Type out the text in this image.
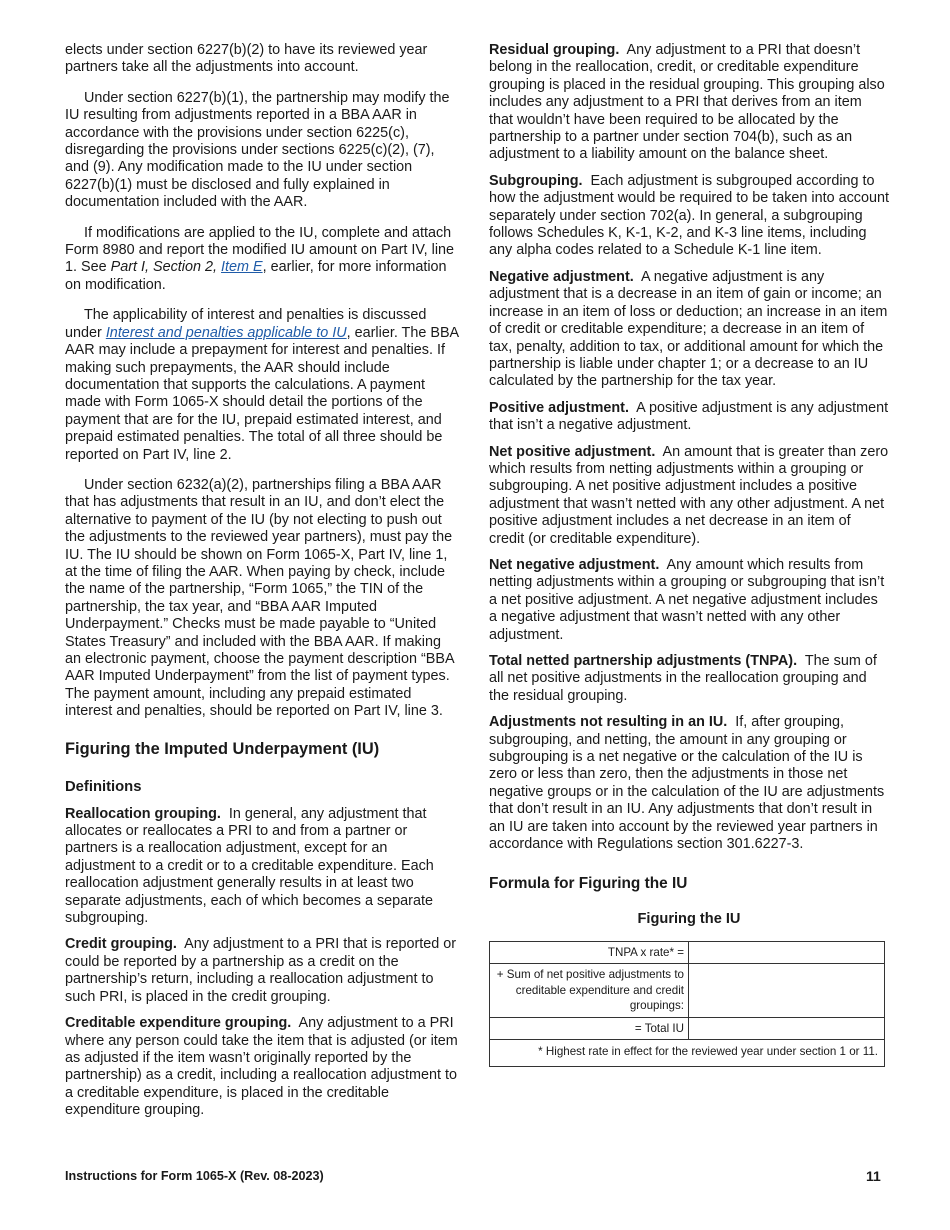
elects under section 6227(b)(2) to have its reviewed year partners take all the adjustments into account.

Under section 6227(b)(1), the partnership may modify the IU resulting from adjustments reported in a BBA AAR in accordance with the provisions under section 6225(c), disregarding the provisions under sections 6225(c)(2), (7), and (9). Any modification made to the IU under section 6227(b)(1) must be disclosed and fully explained in documentation included with the AAR.

If modifications are applied to the IU, complete and attach Form 8980 and report the modified IU amount on Part IV, line 1. See Part I, Section 2, Item E, earlier, for more information on modification.

The applicability of interest and penalties is discussed under Interest and penalties applicable to IU, earlier. The BBA AAR may include a prepayment for interest and penalties. If making such prepayments, the AAR should include documentation that supports the calculations. A payment made with Form 1065-X should detail the portions of the payment that are for the IU, prepaid estimated interest, and prepaid estimated penalties. The total of all three should be reported on Part IV, line 2.

Under section 6232(a)(2), partnerships filing a BBA AAR that has adjustments that result in an IU, and don’t elect the alternative to payment of the IU (by not electing to push out the adjustments to the reviewed year partners), must pay the IU. The IU should be shown on Form 1065-X, Part IV, line 1, at the time of filing the AAR. When paying by check, include the name of the partnership, “Form 1065,” the TIN of the partnership, the tax year, and “BBA AAR Imputed Underpayment.” Checks must be made payable to “United States Treasury” and included with the BBA AAR. If making an electronic payment, choose the payment description “BBA AAR Imputed Underpayment” from the list of payment types. The payment amount, including any prepaid estimated interest and penalties, should be reported on Part IV, line 3.

Figuring the Imputed Underpayment (IU)
Definitions

Reallocation grouping. In general, any adjustment that allocates or reallocates a PRI to and from a partner or partners is a reallocation adjustment, except for an adjustment to a credit or to a creditable expenditure. Each reallocation adjustment generally results in at least two separate adjustments, each of which becomes a separate subgrouping.

Credit grouping. Any adjustment to a PRI that is reported or could be reported by a partnership as a credit on the partnership’s return, including a reallocation adjustment to such PRI, is placed in the credit grouping.

Creditable expenditure grouping. Any adjustment to a PRI where any person could take the item that is adjusted (or item as adjusted if the item wasn’t originally reported by the partnership) as a credit, including a reallocation adjustment to a creditable expenditure, is placed in the creditable expenditure grouping.

Residual grouping. Any adjustment to a PRI that doesn’t belong in the reallocation, credit, or creditable expenditure grouping is placed in the residual grouping. This grouping also includes any adjustment to a PRI that derives from an item that wouldn’t have been required to be allocated by the partnership to a partner under section 704(b), such as an adjustment to a liability amount on the balance sheet.

Subgrouping. Each adjustment is subgrouped according to how the adjustment would be required to be taken into account separately under section 702(a). In general, a subgrouping follows Schedules K, K-1, K-2, and K-3 line items, including any alpha codes related to a Schedule K-1 line item.

Negative adjustment. A negative adjustment is any adjustment that is a decrease in an item of gain or income; an increase in an item of loss or deduction; an increase in an item of credit or creditable expenditure; a decrease in an item of tax, penalty, addition to tax, or additional amount for which the partnership is liable under chapter 1; or a decrease to an IU calculated by the partnership for the tax year.

Positive adjustment. A positive adjustment is any adjustment that isn’t a negative adjustment.

Net positive adjustment. An amount that is greater than zero which results from netting adjustments within a grouping or subgrouping. A net positive adjustment includes a positive adjustment that wasn’t netted with any other adjustment. A net positive adjustment includes a net decrease in an item of credit (or creditable expenditure).

Net negative adjustment. Any amount which results from netting adjustments within a grouping or subgrouping that isn’t a net positive adjustment. A net negative adjustment includes a negative adjustment that wasn’t netted with any other adjustment.

Total netted partnership adjustments (TNPA). The sum of all net positive adjustments in the reallocation grouping and the residual grouping.

Adjustments not resulting in an IU. If, after grouping, subgrouping, and netting, the amount in any grouping or subgrouping is a net negative or the calculation of the IU is zero or less than zero, then the adjustments in those net negative groups or in the calculation of the IU are adjustments that don’t result in an IU. Any adjustments that don’t result in an IU are taken into account by the reviewed year partners in accordance with Regulations section 301.6227-3.

Formula for Figuring the IU
Figuring the IU
TNPA x rate* =	
+ Sum of net positive adjustments to creditable expenditure and credit groupings:	
= Total IU	
* Highest rate in effect for the reviewed year under section 1 or 11.	
Instructions for Form 1065-X (Rev. 08-2023)	11
